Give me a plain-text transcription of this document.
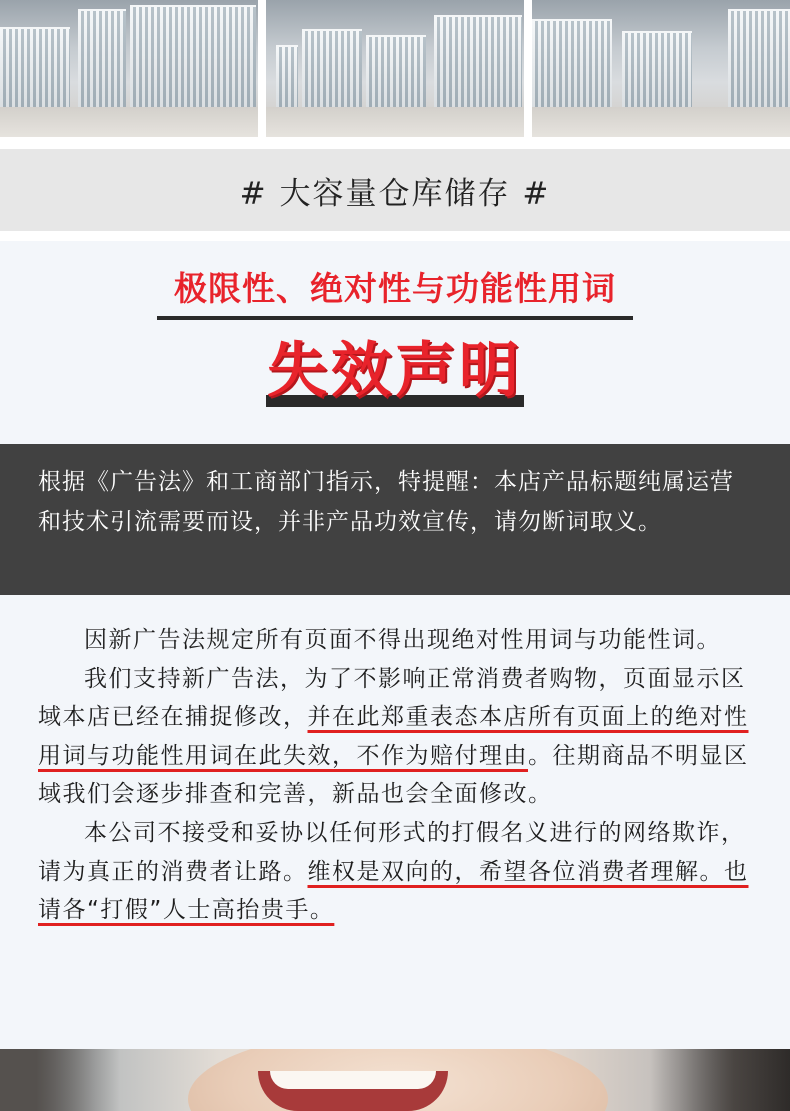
# 大容量仓库储存 #
极限性、绝对性与功能性用词
失效声明
根据《广告法》和工商部门指示，特提醒：本店产品标题纯属运营和技术引流需要而设，并非产品功效宣传，请勿断词取义。

因新广告法规定所有页面不得出现绝对性用词与功能性词。

我们支持新广告法，为了不影响正常消费者购物，页面显示区域本店已经在捕捉修改，并在此郑重表态本店所有页面上的绝对性用词与功能性用词在此失效，不作为赔付理由。往期商品不明显区域我们会逐步排查和完善，新品也会全面修改。

本公司不接受和妥协以任何形式的打假名义进行的网络欺诈，请为真正的消费者让路。维权是双向的，希望各位消费者理解。也请各“打假”人士高抬贵手。
